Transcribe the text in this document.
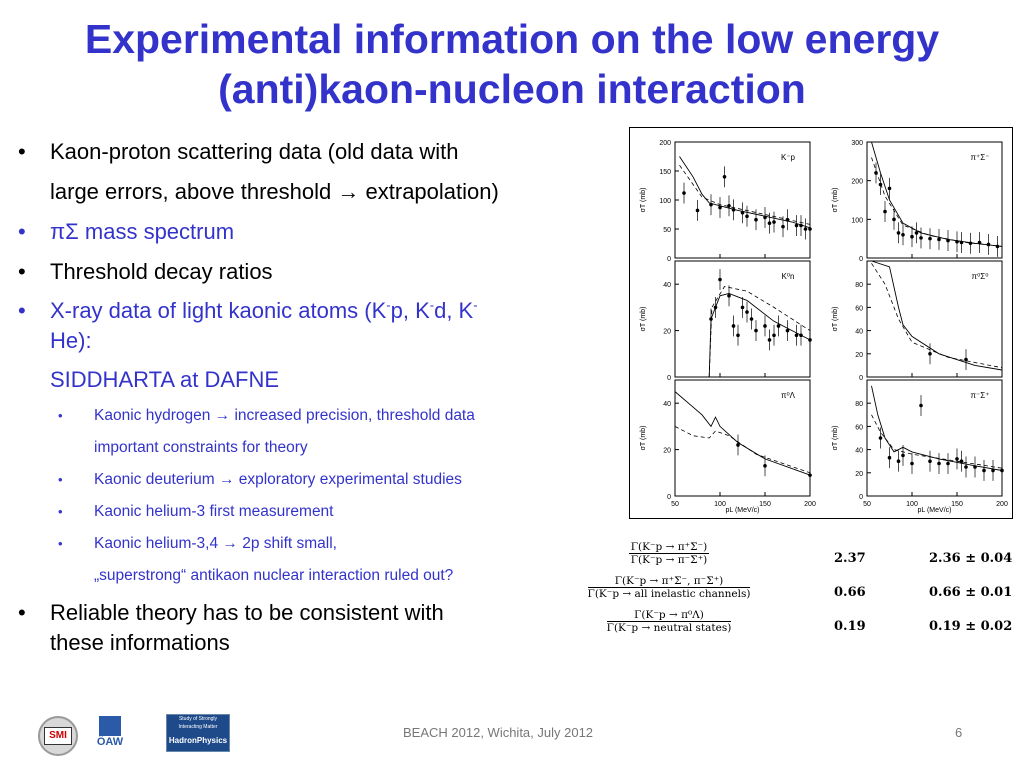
Experimental information on the low energy
(anti)kaon-nucleon interaction
• Kaon-proton scattering data (old data with
large errors, above threshold → extrapolation)
• πΣ mass spectrum
• Threshold decay ratios
• X-ray data of light kaonic atoms (K-p, K-d, K-
He):
SIDDHARTA at DAFNE
• Kaonic hydrogen → increased precision, threshold data
important constraints for theory
• Kaonic deuterium → exploratory experimental studies
• Kaonic helium-3 first measurement
• Kaonic helium-3,4 → 2p shift small,
„superstrong“ antikaon nuclear interaction ruled out?
• Reliable theory has to be consistent with
these informations
0
50
100
150
200
K⁻p
σT (mb)
0
100
200
300
π⁺Σ⁻
σT (mb)
0
20
40
K⁰n
σT (mb)
0
20
40
60
80
π⁰Σ⁰
σT (mb)
0
20
40
50	100	150	200
π⁰Λ
σT (mb)
0
20
40
60
80
50	100	150	200
π⁻Σ⁺
σT (mb)
pL (MeV/c)	pL (MeV/c)
$\frac{\Gamma(K^-p \to \pi^+\Sigma^-)}{\Gamma(K^-p \to \pi^-\Sigma^+)}$	2.37	2.36 ± 0.04
$\frac{\Gamma(K^-p \to \pi^+\Sigma^-, \pi^-\Sigma^+)}{\text{Γ(K⁻p → all inelastic channels)}}$	0.66	0.66 ± 0.01
$\frac{\text{Γ(K⁻p → π⁰Λ)}}{\text{Γ(K⁻p → neutral states)}}$	0.19	0.19 ± 0.02
SMI
ÖAW
Study of Strongly Interacting Matter
HadronPhysics
BEACH 2012, Wichita, July 2012	6
